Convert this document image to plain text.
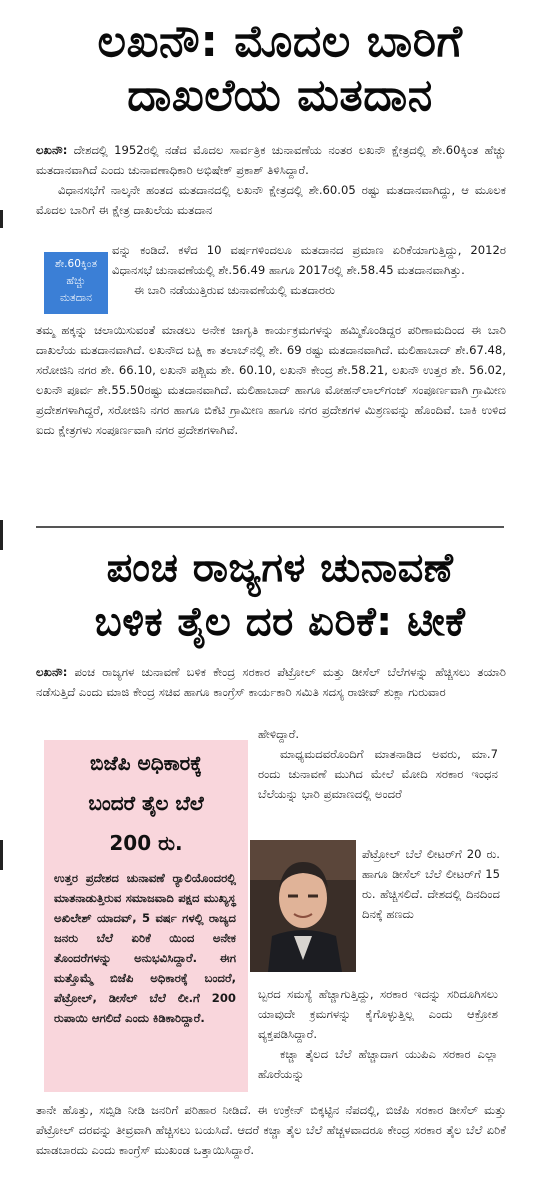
ಲಖನೌ: ಮೊದಲ ಬಾರಿಗೆ
ದಾಖಲೆಯ ಮತದಾನ

ಲಖನೌ: ದೇಶದಲ್ಲಿ 1952ರಲ್ಲಿ ನಡೆದ ಮೊದಲ ಸಾರ್ವತ್ರಿಕ ಚುನಾವಣೆಯ ನಂತರ ಲಖನೌ ಕ್ಷೇತ್ರದಲ್ಲಿ ಶೇ.60ಕ್ಕಿಂತ ಹೆಚ್ಚು ಮತದಾನವಾಗಿದೆ ಎಂದು ಚುನಾವಣಾಧಿಕಾರಿ ಅಭಿಷೇಕ್ ಪ್ರಕಾಶ್ ತಿಳಿಸಿದ್ದಾರೆ.

ವಿಧಾನಸಭೆಗೆ ನಾಲ್ಕನೇ ಹಂತದ ಮತದಾನದಲ್ಲಿ ಲಖನೌ ಕ್ಷೇತ್ರದಲ್ಲಿ ಶೇ.60.05 ರಷ್ಟು ಮತದಾನವಾಗಿದ್ದು, ಆ ಮೂಲಕ ಮೊದಲ ಬಾರಿಗೆ ಈ ಕ್ಷೇತ್ರ ದಾಖಲೆಯ ಮತದಾನ

ಶೇ.60ಕ್ಕಿಂತ
ಹೆಚ್ಚು
ಮತದಾನ

ವನ್ನು ಕಂಡಿದೆ. ಕಳೆದ 10 ವರ್ಷಗಳಿಂದಲೂ ಮತದಾನದ ಪ್ರಮಾಣ ಏರಿಕೆಯಾಗುತ್ತಿದ್ದು, 2012ರ ವಿಧಾನಸಭೆ ಚುನಾವಣೆಯಲ್ಲಿ ಶೇ.56.49 ಹಾಗೂ 2017ರಲ್ಲಿ ಶೇ.58.45 ಮತದಾನವಾಗಿತ್ತು.

ಈ ಬಾರಿ ನಡೆಯುತ್ತಿರುವ ಚುನಾವಣೆಯಲ್ಲಿ ಮತದಾರರು

ತಮ್ಮ ಹಕ್ಕನ್ನು ಚಲಾಯಿಸುವಂತೆ ಮಾಡಲು ಅನೇಕ ಜಾಗೃತಿ ಕಾರ್ಯಕ್ರಮಗಳನ್ನು ಹಮ್ಮಿಕೊಂಡಿದ್ದರ ಪರಿಣಾಮದಿಂದ ಈ ಬಾರಿ ದಾಖಲೆಯ ಮತದಾನವಾಗಿದೆ. ಲಖನೌದ ಬಕ್ಷಿ ಕಾ ತಲಾಬ್‌ನಲ್ಲಿ ಶೇ. 69 ರಷ್ಟು ಮತದಾನವಾಗಿದೆ. ಮಲಿಹಾಬಾದ್ ಶೇ.67.48, ಸರೋಜಿನಿ ನಗರ ಶೇ. 66.10, ಲಖನೌ ಪಶ್ಚಿಮ ಶೇ. 60.10, ಲಖನೌ ಕೇಂದ್ರ ಶೇ.58.21, ಲಖನೌ ಉತ್ತರ ಶೇ. 56.02, ಲಖನೌ ಪೂರ್ವ ಶೇ.55.50ರಷ್ಟು ಮತದಾನವಾಗಿದೆ. ಮಲಿಹಾಬಾದ್ ಹಾಗೂ ಮೋಹನ್‌ಲಾಲ್‌ಗಂಜ್ ಸಂಪೂರ್ಣವಾಗಿ ಗ್ರಾಮೀಣ ಪ್ರದೇಶಗಳಾಗಿದ್ದರೆ, ಸರೋಜಿನಿ ನಗರ ಹಾಗೂ ಬಿಕೆಟಿ ಗ್ರಾಮೀಣ ಹಾಗೂ ನಗರ ಪ್ರದೇಶಗಳ ಮಿಶ್ರಣವನ್ನು ಹೊಂದಿವೆ. ಬಾಕಿ ಉಳಿದ ಐದು ಕ್ಷೇತ್ರಗಳು ಸಂಪೂರ್ಣವಾಗಿ ನಗರ ಪ್ರದೇಶಗಳಾಗಿವೆ.

ಪಂಚ ರಾಜ್ಯಗಳ ಚುನಾವಣೆ
ಬಳಿಕ ತೈಲ ದರ ಏರಿಕೆ: ಟೀಕೆ

ಲಖನೌ: ಪಂಚ ರಾಜ್ಯಗಳ ಚುನಾವಣೆ ಬಳಿಕ ಕೇಂದ್ರ ಸರಕಾರ ಪೆಟ್ರೋಲ್ ಮತ್ತು ಡೀಸೆಲ್ ಬೆಲೆಗಳನ್ನು ಹೆಚ್ಚಿಸಲು ತಯಾರಿ ನಡೆಸುತ್ತಿದೆ ಎಂದು ಮಾಜಿ ಕೇಂದ್ರ ಸಚಿವ ಹಾಗೂ ಕಾಂಗ್ರೆಸ್ ಕಾರ್ಯಕಾರಿ ಸಮಿತಿ ಸದಸ್ಯ ರಾಜೀವ್ ಶುಕ್ಲಾ ಗುರುವಾರ

ಬಿಜೆಪಿ ಅಧಿಕಾರಕ್ಕೆ
ಬಂದರೆ ತೈಲ ಬೆಲೆ
200 ರು.
ಉತ್ತರ ಪ್ರದೇಶದ ಚುನಾವಣೆ ರ‍್ಯಾಲಿಯೊಂದರಲ್ಲಿ ಮಾತನಾಡುತ್ತಿರುವ ಸಮಾಜವಾದಿ ಪಕ್ಷದ ಮುಖ್ಯಸ್ಥ ಅಖಿಲೇಶ್ ಯಾದವ್, 5 ವರ್ಷ ಗಳಲ್ಲಿ ರಾಜ್ಯದ ಜನರು ಬೆಲೆ ಏರಿಕೆ ಯಿಂದ ಅನೇಕ ತೊಂದರೆಗಳನ್ನು ಅನುಭವಿಸಿದ್ದಾರೆ. ಈಗ ಮತ್ತೊಮ್ಮೆ ಬಿಜೆಪಿ ಅಧಿಕಾರಕ್ಕೆ ಬಂದರೆ, ಪೆಟ್ರೋಲ್, ಡೀಸೆಲ್ ಬೆಲೆ ಲೀ.ಗೆ 200 ರುಪಾಯಿ ಆಗಲಿದೆ ಎಂದು ಕಿಡಿಕಾರಿದ್ದಾರೆ.

ಹೇಳಿದ್ದಾರೆ.

ಮಾಧ್ಯಮದವರೊಂದಿಗೆ ಮಾತನಾಡಿದ ಅವರು, ಮಾ.7 ರಂದು ಚುನಾವಣೆ ಮುಗಿದ ಮೇಲೆ ಮೋದಿ ಸರಕಾರ ಇಂಧನ ಬೆಲೆಯನ್ನು ಭಾರಿ ಪ್ರಮಾಣದಲ್ಲಿ ಅಂದರೆ

ಪೆಟ್ರೋಲ್ ಬೆಲೆ ಲೀಟರ್‌ಗೆ 20 ರು. ಹಾಗೂ ಡೀಸೆಲ್ ಬೆಲೆ ಲೀಟರ್‌ಗೆ 15 ರು. ಹೆಚ್ಚಿಸಲಿದೆ. ದೇಶದಲ್ಲಿ ದಿನದಿಂದ ದಿನಕ್ಕೆ ಹಣದು

ಬ್ಬರದ ಸಮಸ್ಯೆ ಹೆಚ್ಚಾಗುತ್ತಿದ್ದು, ಸರಕಾರ ಇದನ್ನು ಸರಿದೂಗಿಸಲು ಯಾವುದೇ ಕ್ರಮಗಳನ್ನು ಕೈಗೊಳ್ಳುತ್ತಿಲ್ಲ ಎಂದು ಆಕ್ರೋಶ ವ್ಯಕ್ತಪಡಿಸಿದ್ದಾರೆ.

ಕಚ್ಚಾ ತೈಲದ ಬೆಲೆ ಹೆಚ್ಚಾದಾಗ ಯುಪಿಎ ಸರಕಾರ ಎಲ್ಲಾ ಹೊರೆಯನ್ನು

ತಾನೇ ಹೊತ್ತು, ಸಬ್ಸಿಡಿ ನೀಡಿ ಜನರಿಗೆ ಪರಿಹಾರ ನೀಡಿದೆ. ಈ ಉಕ್ರೇನ್ ಬಿಕ್ಕಟ್ಟಿನ ನೆಪದಲ್ಲಿ, ಬಿಜೆಪಿ ಸರಕಾರ ಡೀಸೆಲ್ ಮತ್ತು ಪೆಟ್ರೋಲ್ ದರವನ್ನು ತೀವ್ರವಾಗಿ ಹೆಚ್ಚಿಸಲು ಬಯಸಿದೆ. ಆದರೆ ಕಚ್ಚಾ ತೈಲ ಬೆಲೆ ಹೆಚ್ಚಳವಾದರೂ ಕೇಂದ್ರ ಸರಕಾರ ತೈಲ ಬೆಲೆ ಏರಿಕೆ ಮಾಡಬಾರದು ಎಂದು ಕಾಂಗ್ರೆಸ್ ಮುಖಂಡ ಒತ್ತಾಯಿಸಿದ್ದಾರೆ.
